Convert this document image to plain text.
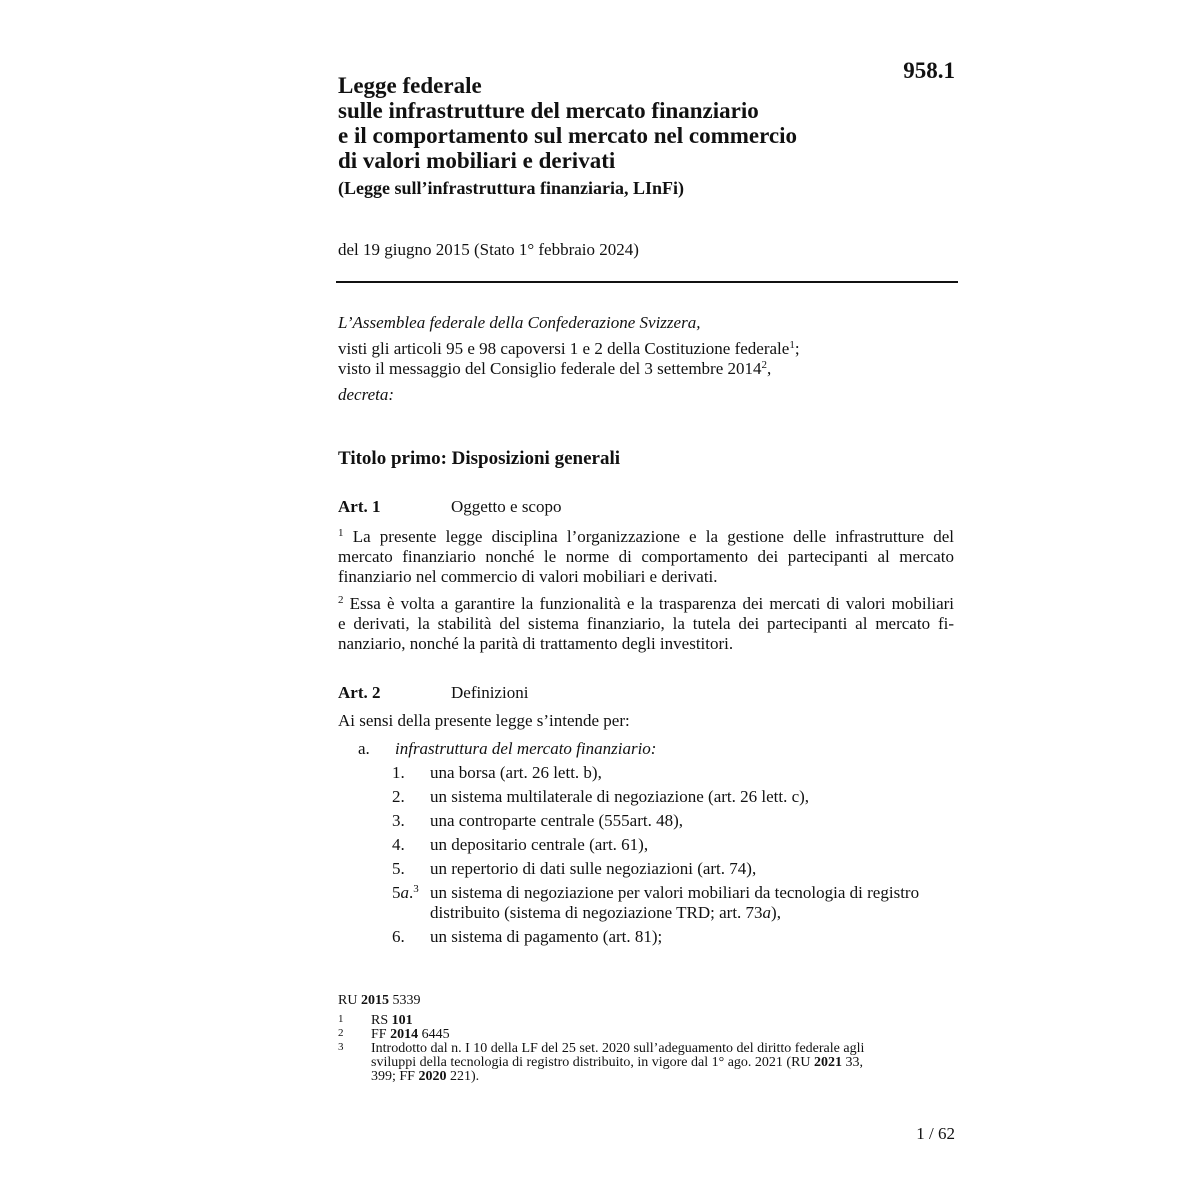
958.1
Legge federale
sulle infrastrutture del mercato finanziario
e il comportamento sul mercato nel commercio
di valori mobiliari e derivati
(Legge sull’infrastruttura finanziaria, LInFi)
del 19 giugno 2015 (Stato 1° febbraio 2024)
L’Assemblea federale della Confederazione Svizzera,
visti gli articoli 95 e 98 capoversi 1 e 2 della Costituzione federale$^1$;
visto il messaggio del Consiglio federale del 3 settembre 2014$^2$,
decreta:
Titolo primo: Disposizioni generali
Art. 1	Oggetto e scopo
$^1$ La presente legge disciplina l’organizzazione e la gestione delle infrastrutture del
mercato finanziario nonché le norme di comportamento dei partecipanti al mercato
finanziario nel commercio di valori mobiliari e derivati.
$^2$ Essa è volta a garantire la funzionalità e la trasparenza dei mercati di valori mobiliari
e derivati, la stabilità del sistema finanziario, la tutela dei partecipanti al mercato fi-
nanziario, nonché la parità di trattamento degli investitori.
Art. 2	Definizioni
Ai sensi della presente legge s’intende per:
a. infrastruttura del mercato finanziario:
1.	una borsa (art. 26 lett. b),
2.	un sistema multilaterale di negoziazione (art. 26 lett. c),
3.	una controparte centrale (555art. 48),
4.	un depositario centrale (art. 61),
5.	un repertorio di dati sulle negoziazioni (art. 74),
5a.$^3$ un sistema di negoziazione per valori mobiliari da tecnologia di registro
distribuito (sistema di negoziazione TRD; art. 73a),
6.	un sistema di pagamento (art. 81);
RU 2015 5339
1 RS 101
2 FF 2014 6445
3 Introdotto dal n. I 10 della LF del 25 set. 2020 sull’adeguamento del diritto federale agli
sviluppi della tecnologia di registro distribuito, in vigore dal 1° ago. 2021 (RU 2021 33,
399; FF 2020 221).
1 / 62
